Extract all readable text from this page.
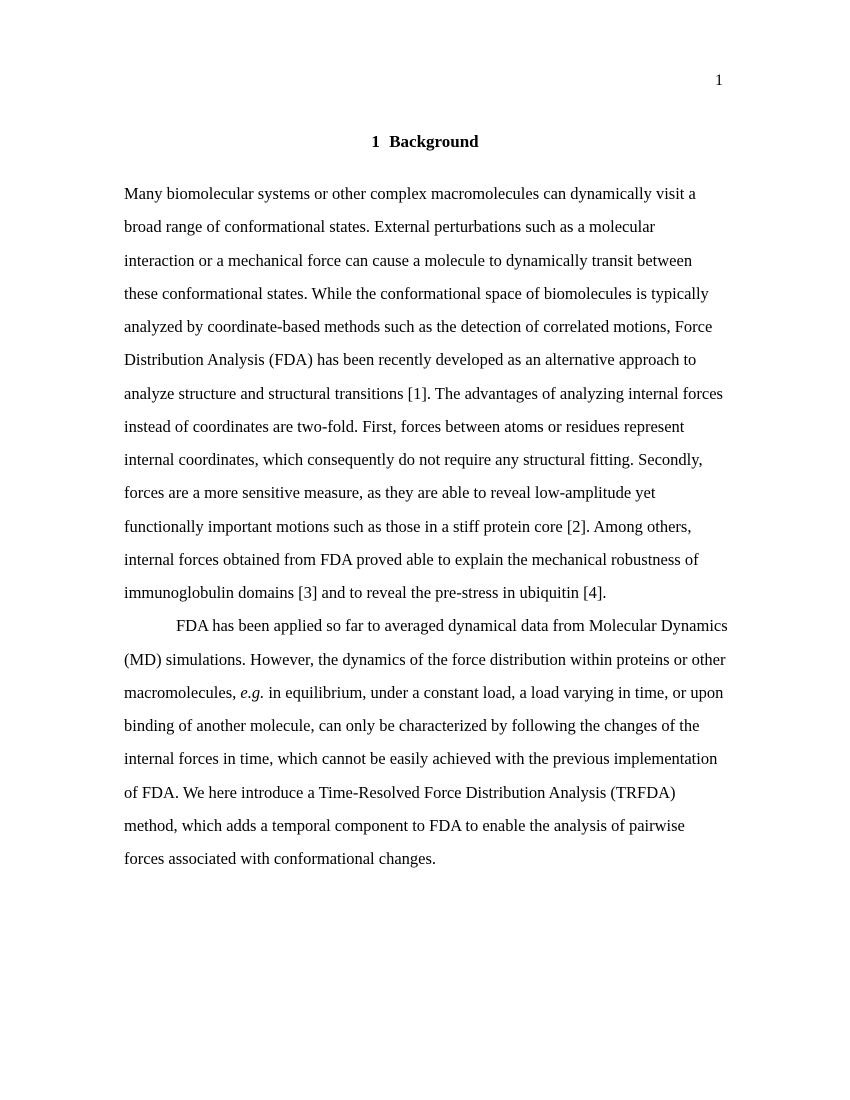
1
1 Background

Many biomolecular systems or other complex macromolecules can dynamically visit a broad range of conformational states. External perturbations such as a molecular interaction or a mechanical force can cause a molecule to dynamically transit between these conformational states. While the conformational space of biomolecules is typically analyzed by coordinate-based methods such as the detection of correlated motions, Force Distribution Analysis (FDA) has been recently developed as an alternative approach to analyze structure and structural transitions [1]. The advantages of analyzing internal forces instead of coordinates are two-fold. First, forces between atoms or residues represent internal coordinates, which consequently do not require any structural fitting. Secondly, forces are a more sensitive measure, as they are able to reveal low-amplitude yet functionally important motions such as those in a stiff protein core [2]. Among others, internal forces obtained from FDA proved able to explain the mechanical robustness of immunoglobulin domains [3] and to reveal the pre-stress in ubiquitin [4].

FDA has been applied so far to averaged dynamical data from Molecular Dynamics (MD) simulations. However, the dynamics of the force distribution within proteins or other macromolecules, e.g. in equilibrium, under a constant load, a load varying in time, or upon binding of another molecule, can only be characterized by following the changes of the internal forces in time, which cannot be easily achieved with the previous implementation of FDA. We here introduce a Time-Resolved Force Distribution Analysis (TRFDA) method, which adds a temporal component to FDA to enable the analysis of pairwise forces associated with conformational changes.
